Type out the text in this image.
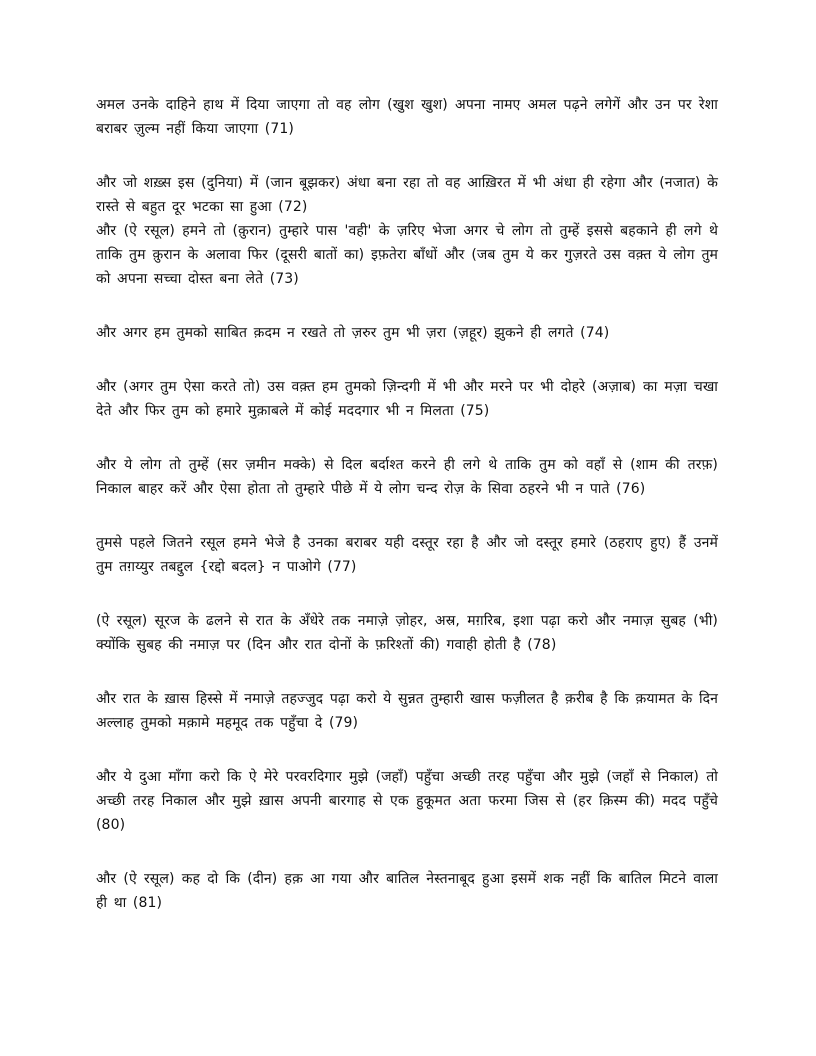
अमल उनके दाहिने हाथ में दिया जाएगा तो वह लोग (खुश खुश) अपना नामए अमल पढ़ने लगेगें और उन पर रेशा बराबर ज़ुल्म नहीं किया जाएगा (71)

और जो शख़्स इस (दुनिया) में (जान बूझकर) अंधा बना रहा तो वह आख़िरत में भी अंधा ही रहेगा और (नजात) के रास्ते से बहुत दूर भटका सा हुआ (72)

और (ऐ रसूल) हमने तो (क़ुरान) तुम्हारे पास 'वही' के ज़रिए भेजा अगर चे लोग तो तुम्हें इससे बहकाने ही लगे थे ताकि तुम क़ुरान के अलावा फिर (दूसरी बातों का) इफ़तेरा बाँधों और (जब तुम ये कर गुज़रते उस वक़्त ये लोग तुम को अपना सच्चा दोस्त बना लेते (73)

और अगर हम तुमको साबित क़दम न रखते तो ज़रुर तुम भी ज़रा (ज़हूर) झुकने ही लगते (74)

और (अगर तुम ऐसा करते तो) उस वक़्त हम तुमको ज़िन्दगी में भी और मरने पर भी दोहरे (अज़ाब) का मज़ा चखा देते और फिर तुम को हमारे मुक़ाबले में कोई मददगार भी न मिलता (75)

और ये लोग तो तुम्हें (सर ज़मीन मक्के) से दिल बर्दाश्त करने ही लगे थे ताकि तुम को वहाँ से (शाम की तरफ़) निकाल बाहर करें और ऐसा होता तो तुम्हारे पीछे में ये लोग चन्द रोज़ के सिवा ठहरने भी न पाते (76)

तुमसे पहले जितने रसूल हमने भेजे है उनका बराबर यही दस्तूर रहा है और जो दस्तूर हमारे (ठहराए हुए) हैं उनमें तुम तग़य्युर तबद्दुल {रद्दो बदल} न पाओगे (77)

(ऐ रसूल) सूरज के ढलने से रात के अँधेरे तक नमाज़े ज़ोहर, अस्र, मग़रिब, इशा पढ़ा करो और नमाज़ सुबह (भी) क्योंकि सुबह की नमाज़ पर (दिन और रात दोनों के फ़रिश्तों की) गवाही होती है (78)

और रात के ख़ास हिस्से में नमाजे़ तहज्जुद पढ़ा करो ये सुन्नत तुम्हारी खास फज़ीलत है क़रीब है कि क़यामत के दिन अल्लाह तुमको मक़ामे महमूद तक पहुँचा दे (79)

और ये दुआ माँगा करो कि ऐ मेरे परवरदिगार मुझे (जहाँ) पहुँचा अच्छी तरह पहुँचा और मुझे (जहाँ से निकाल) तो अच्छी तरह निकाल और मुझे ख़ास अपनी बारगाह से एक हुकूमत अता फरमा जिस से (हर क़िस्म की) मदद पहुँचे (80)

और (ऐ रसूल) कह दो कि (दीन) हक़ आ गया और बातिल नेस्तनाबूद हुआ इसमें शक नहीं कि बातिल मिटने वाला ही था (81)
